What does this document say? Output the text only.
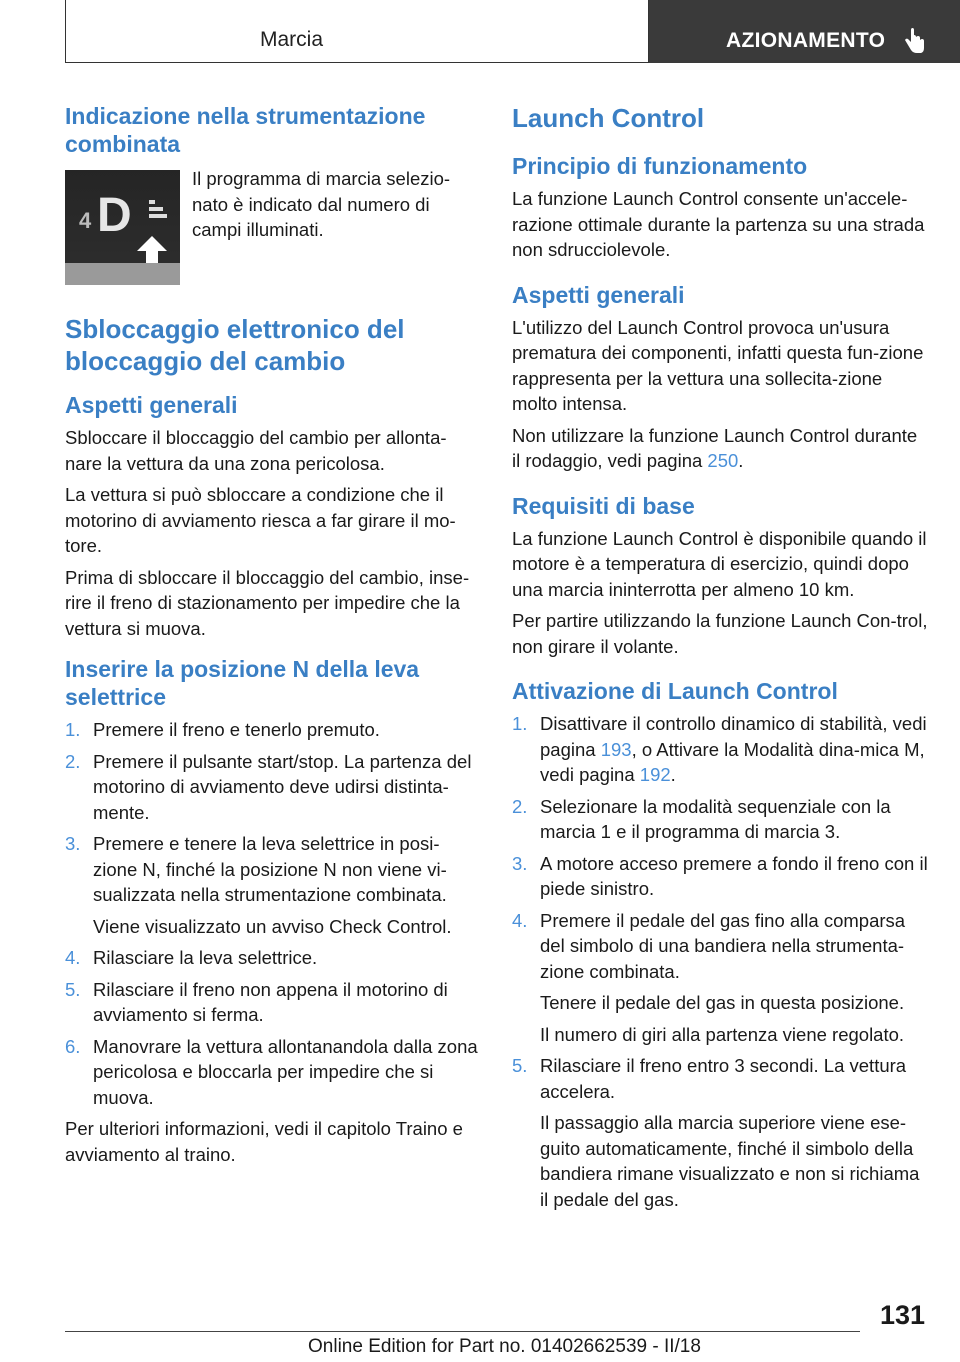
Marcia	AZIONAMENTO
Indicazione nella strumentazione combinata
4 D

Il programma di marcia selezio-nato è indicato dal numero di campi illuminati.

Sbloccaggio elettronico del bloccaggio del cambio
Aspetti generali

Sbloccare il bloccaggio del cambio per allonta-nare la vettura da una zona pericolosa.

La vettura si può sbloccare a condizione che il motorino di avviamento riesca a far girare il mo-tore.

Prima di sbloccare il bloccaggio del cambio, inse-rire il freno di stazionamento per impedire che la vettura si muova.

Inserire la posizione N della leva selettrice
1. Premere il freno e tenerlo premuto.
2. Premere il pulsante start/stop. La partenza del motorino di avviamento deve udirsi distinta-mente.
3. Premere e tenere la leva selettrice in posi-zione N, finché la posizione N non viene vi-sualizzata nella strumentazione combinata.
Viene visualizzato un avviso Check Control.
4. Rilasciare la leva selettrice.
5. Rilasciare il freno non appena il motorino di avviamento si ferma.
6. Manovrare la vettura allontanandola dalla zona pericolosa e bloccarla per impedire che si muova.

Per ulteriori informazioni, vedi il capitolo Traino e avviamento al traino.

Launch Control
Principio di funzionamento

La funzione Launch Control consente un'accele-razione ottimale durante la partenza su una strada non sdrucciolevole.

Aspetti generali

L'utilizzo del Launch Control provoca un'usura prematura dei componenti, infatti questa fun-zione rappresenta per la vettura una sollecita-zione molto intensa.

Non utilizzare la funzione Launch Control durante il rodaggio, vedi pagina 250.

Requisiti di base

La funzione Launch Control è disponibile quando il motore è a temperatura di esercizio, quindi dopo una marcia ininterrotta per almeno 10 km.

Per partire utilizzando la funzione Launch Con-trol, non girare il volante.

Attivazione di Launch Control
1. Disattivare il controllo dinamico di stabilità, vedi pagina 193, o Attivare la Modalità dina-mica M, vedi pagina 192.
2. Selezionare la modalità sequenziale con la marcia 1 e il programma di marcia 3.
3. A motore acceso premere a fondo il freno con il piede sinistro.
4. Premere il pedale del gas fino alla comparsa del simbolo di una bandiera nella strumenta-zione combinata.
Tenere il pedale del gas in questa posizione.
Il numero di giri alla partenza viene regolato.
5. Rilasciare il freno entro 3 secondi. La vettura accelera.
Il passaggio alla marcia superiore viene ese-guito automaticamente, finché il simbolo della bandiera rimane visualizzato e non si richiama il pedale del gas.
131
Online Edition for Part no. 01402662539 - II/18
